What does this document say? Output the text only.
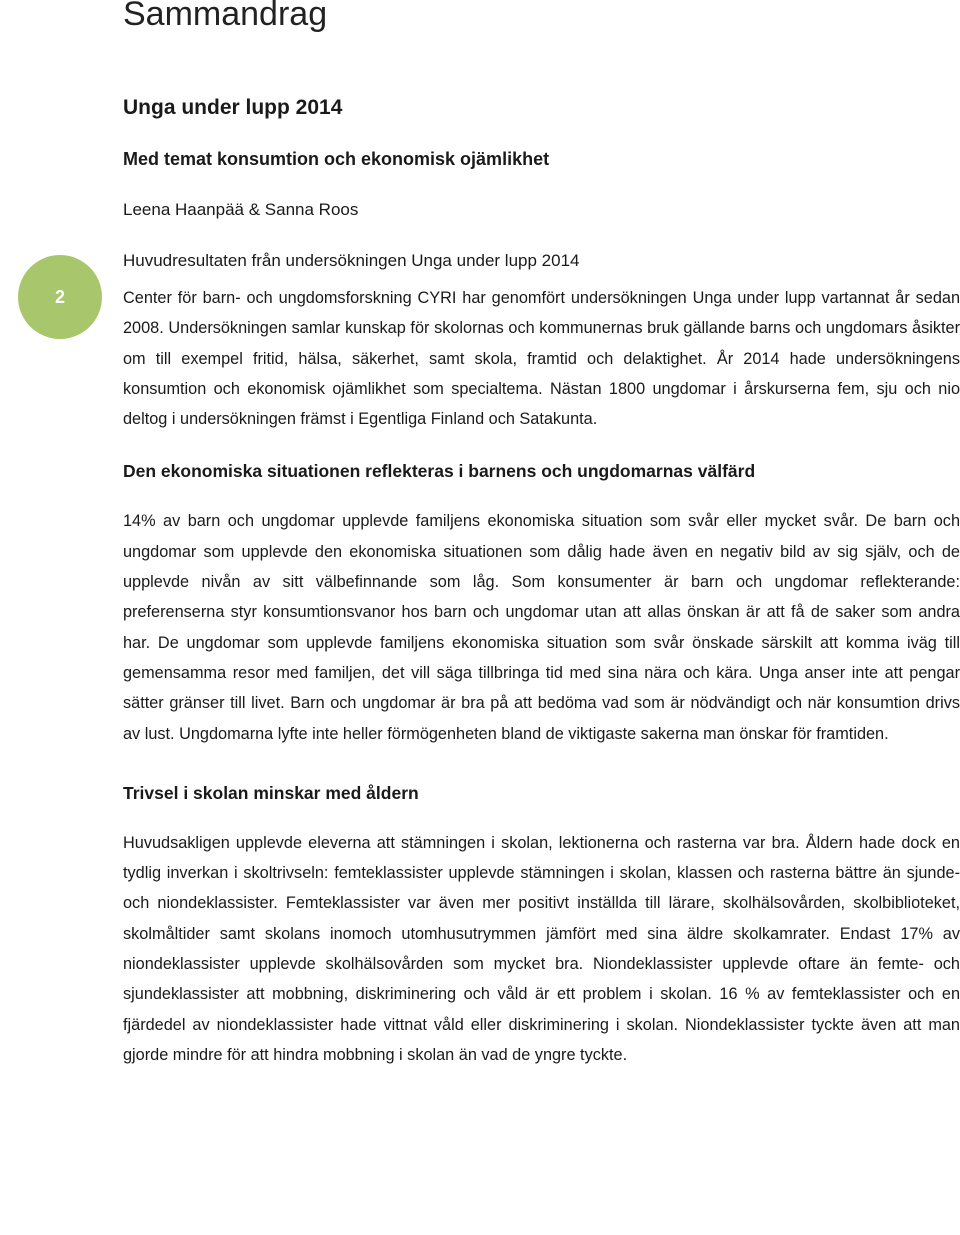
Sammandrag
2
Unga under lupp 2014
Med temat konsumtion och ekonomisk ojämlikhet
Leena Haanpää & Sanna Roos
Huvudresultaten från undersökningen Unga under lupp 2014

Center för barn- och ungdomsforskning CYRI har genomfört undersökningen Unga under lupp vartannat år sedan 2008. Undersökningen samlar kunskap för skolornas och kommunernas bruk gällande barns och ungdomars åsikter om till exempel fritid, hälsa, säkerhet, samt skola, framtid och delaktighet. År 2014 hade undersökningens konsumtion och ekonomisk ojämlikhet som specialtema. Nästan 1800 ungdomar i årskurserna fem, sju och nio deltog i undersökningen främst i Egentliga Finland och Satakunta.

Den ekonomiska situationen reflekteras i barnens och ungdomarnas välfärd

14% av barn och ungdomar upplevde familjens ekonomiska situation som svår eller mycket svår. De barn och ungdomar som upplevde den ekonomiska situationen som dålig hade även en negativ bild av sig själv, och de upplevde nivån av sitt välbefinnande som låg. Som konsumenter är barn och ungdomar reflekterande: preferenserna styr konsumtionsvanor hos barn och ungdomar utan att allas önskan är att få de saker som andra har. De ungdomar som upplevde familjens ekonomiska situation som svår önskade särskilt att komma iväg till gemensamma resor med familjen, det vill säga tillbringa tid med sina nära och kära. Unga anser inte att pengar sätter gränser till livet. Barn och ungdomar är bra på att bedöma vad som är nödvändigt och när konsumtion drivs av lust. Ungdomarna lyfte inte heller förmögenheten bland de viktigaste sakerna man önskar för framtiden.

Trivsel i skolan minskar med åldern

Huvudsakligen upplevde eleverna att stämningen i skolan, lektionerna och rasterna var bra. Åldern hade dock en tydlig inverkan i skoltrivseln: femteklassister upplevde stämningen i skolan, klassen och rasterna bättre än sjunde- och niondeklassister. Femteklassister var även mer positivt inställda till lärare, skolhälsovården, skolbiblioteket, skolmåltider samt skolans inomoch utomhusutrymmen jämfört med sina äldre skolkamrater. Endast 17% av niondeklassister upplevde skolhälsovården som mycket bra. Niondeklassister upplevde oftare än femte- och sjundeklassister att mobbning, diskriminering och våld är ett problem i skolan. 16 % av femteklassister och en fjärdedel av niondeklassister hade vittnat våld eller diskriminering i skolan. Niondeklassister tyckte även att man gjorde mindre för att hindra mobbning i skolan än vad de yngre tyckte.
